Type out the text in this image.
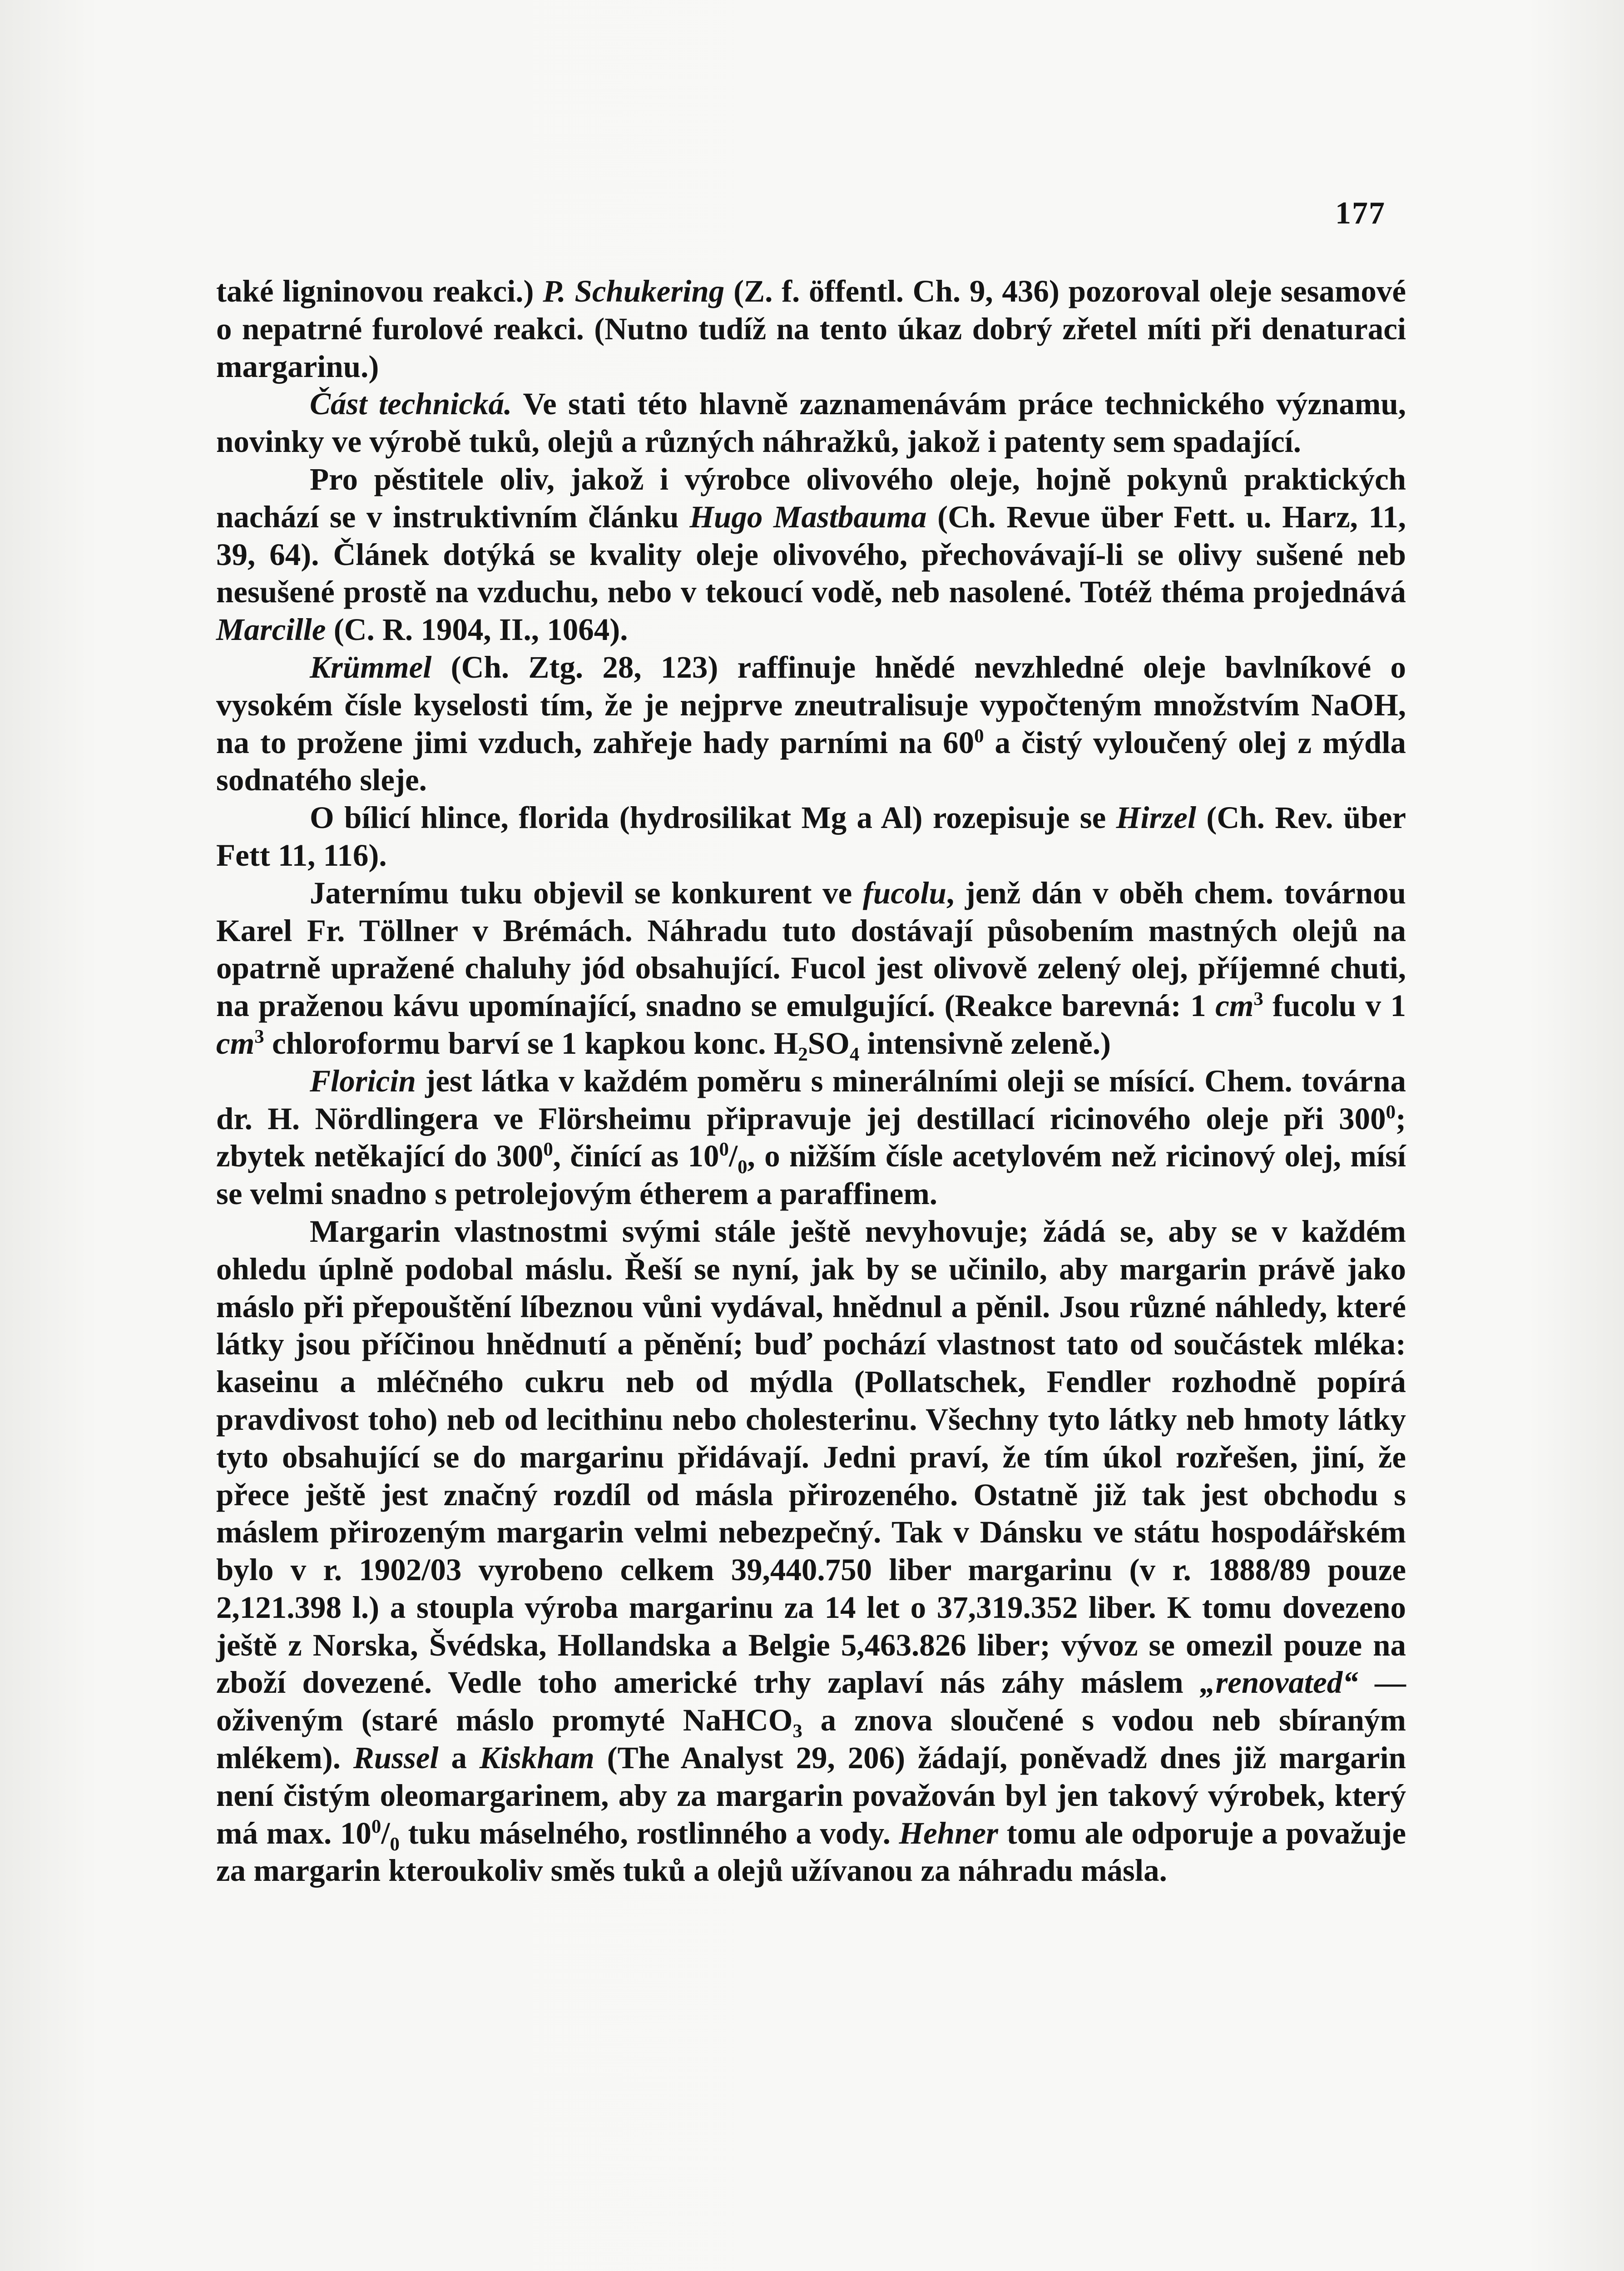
177

také ligninovou reakci.) P. Schukering (Z. f. öffentl. Ch. 9, 436) pozoroval oleje sesamové o nepatrné furolové reakci. (Nutno tudíž na tento úkaz dobrý zřetel míti při denaturaci margarinu.)

Část technická. Ve stati této hlavně zaznamenávám práce technického významu, novinky ve výrobě tuků, olejů a různých náhražků, jakož i patenty sem spadající.

Pro pěstitele oliv, jakož i výrobce olivového oleje, hojně pokynů praktických nachází se v instruktivním článku Hugo Mastbauma (Ch. Revue über Fett. u. Harz, 11, 39, 64). Článek dotýká se kvality oleje olivového, přechovávají-li se olivy sušené neb nesušené prostě na vzduchu, nebo v tekoucí vodě, neb nasolené. Totéž théma projednává Marcille (C. R. 1904, II., 1064).

Krümmel (Ch. Ztg. 28, 123) raffinuje hnědé nevzhledné oleje bavlníkové o vysokém čísle kyselosti tím, že je nejprve zneutralisuje vypočteným množstvím NaOH, na to prožene jimi vzduch, zahřeje hady parními na $60^0$ a čistý vyloučený olej z mýdla sodnatého sleje.

O bílicí hlince, florida (hydrosilikat Mg a Al) rozepisuje se Hirzel (Ch. Rev. über Fett 11, 116).

Jaternímu tuku objevil se konkurent ve fucolu, jenž dán v oběh chem. továrnou Karel Fr. Töllner v Brémách. Náhradu tuto dostávají působením mastných olejů na opatrně upražené chaluhy jód obsahující. Fucol jest olivově zelený olej, příjemné chuti, na praženou kávu upomínající, snadno se emulgující. (Reakce barevná: 1 $cm^3$ fucolu v 1 $cm^3$ chloroformu barví se 1 kapkou konc. $H_2SO_4$ intensivně zeleně.)

Floricin jest látka v každém poměru s minerálními oleji se mísící. Chem. továrna dr. H. Nördlingera ve Flörsheimu připravuje jej destillací ricinového oleje při $300^0$; zbytek netěkající do $300^0$, činící as $10^0/_0$, o nižším čísle acetylovém než ricinový olej, mísí se velmi snadno s petrolejovým étherem a paraffinem.

Margarin vlastnostmi svými stále ještě nevyhovuje; žádá se, aby se v každém ohledu úplně podobal máslu. Řeší se nyní, jak by se učinilo, aby margarin právě jako máslo při přepouštění líbeznou vůni vydával, hnědnul a pěnil. Jsou různé náhledy, které látky jsou příčinou hnědnutí a pěnění; buď pochází vlastnost tato od součástek mléka: kaseinu a mléčného cukru neb od mýdla (Pollatschek, Fendler rozhodně popírá pravdivost toho) neb od lecithinu nebo cholesterinu. Všechny tyto látky neb hmoty látky tyto obsahující se do margarinu přidávají. Jedni praví, že tím úkol rozřešen, jiní, že přece ještě jest značný rozdíl od másla přirozeného. Ostatně již tak jest obchodu s máslem přirozeným margarin velmi nebezpečný. Tak v Dánsku ve státu hospodářském bylo v r. 1902/03 vyrobeno celkem 39,440.750 liber margarinu (v r. 1888/89 pouze 2,121.398 l.) a stoupla výroba margarinu za 14 let o 37,319.352 liber. K tomu dovezeno ještě z Norska, Švédska, Hollandska a Belgie 5,463.826 liber; vývoz se omezil pouze na zboží dovezené. Vedle toho americké trhy zaplaví nás záhy máslem „renovated“ — oživeným (staré máslo promyté NaHCO$_3$ a znova sloučené s vodou neb sbíraným mlékem). Russel a Kiskham (The Analyst 29, 206) žádají, poněvadž dnes již margarin není čistým oleomargarinem, aby za margarin považován byl jen takový výrobek, který má max. $10^0/_0$ tuku máselného, rostlinného a vody. Hehner tomu ale odporuje a považuje za margarin kteroukoliv směs tuků a olejů užívanou za náhradu másla.
